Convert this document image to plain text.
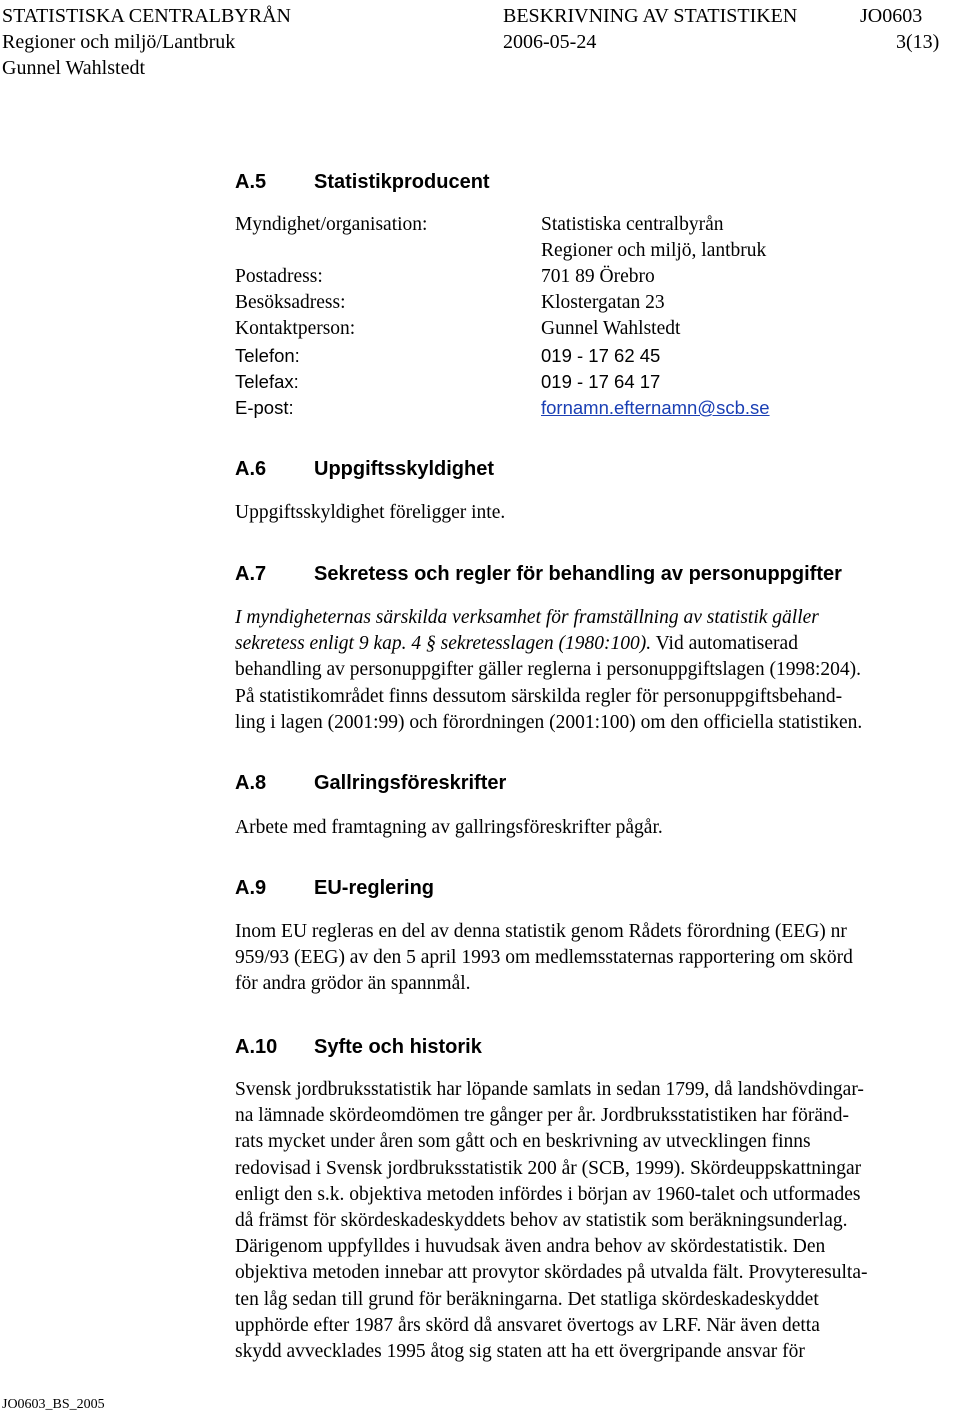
STATISTISKA CENTRALBYRÅN	BESKRIVNING AV STATISTIKEN	JO0603
Regioner och miljö/Lantbruk	2006-05-24	3(13)
Gunnel Wahlstedt
A.5 Statistikproducent
Myndighet/organisation:	Statistiska centralbyrån
Regioner och miljö, lantbruk
Postadress:	701 89 Örebro
Besöksadress:	Klostergatan 23
Kontaktperson:	Gunnel Wahlstedt
Telefon:	019 - 17 62 45
Telefax:	019 - 17 64 17
E-post:	fornamn.efternamn@scb.se
A.6 Uppgiftsskyldighet
Uppgiftsskyldighet föreligger inte.
A.7 Sekretess och regler för behandling av personuppgifter
I myndigheternas särskilda verksamhet för framställning av statistik gäller
sekretess enligt 9 kap. 4 § sekretesslagen (1980:100). Vid automatiserad
behandling av personuppgifter gäller reglerna i personuppgiftslagen (1998:204).
På statistikområdet finns dessutom särskilda regler för personuppgiftsbehand-
ling i lagen (2001:99) och förordningen (2001:100) om den officiella statistiken.
A.8 Gallringsföreskrifter
Arbete med framtagning av gallringsföreskrifter pågår.
A.9 EU-reglering
Inom EU regleras en del av denna statistik genom Rådets förordning (EEG) nr
959/93 (EEG) av den 5 april 1993 om medlemsstaternas rapportering om skörd
för andra grödor än spannmål.
A.10 Syfte och historik
Svensk jordbruksstatistik har löpande samlats in sedan 1799, då landshövdingar-
na lämnade skördeomdömen tre gånger per år. Jordbruksstatistiken har föränd-
rats mycket under åren som gått och en beskrivning av utvecklingen finns
redovisad i Svensk jordbruksstatistik 200 år (SCB, 1999). Skördeuppskattningar
enligt den s.k. objektiva metoden infördes i början av 1960-talet och utformades
då främst för skördeskadeskyddets behov av statistik som beräkningsunderlag.
Därigenom uppfylldes i huvudsak även andra behov av skördestatistik. Den
objektiva metoden innebar att provytor skördades på utvalda fält. Provyteresulta-
ten låg sedan till grund för beräkningarna. Det statliga skördeskadeskyddet
upphörde efter 1987 års skörd då ansvaret övertogs av LRF. När även detta
skydd avvecklades 1995 åtog sig staten att ha ett övergripande ansvar för
JO0603_BS_2005
